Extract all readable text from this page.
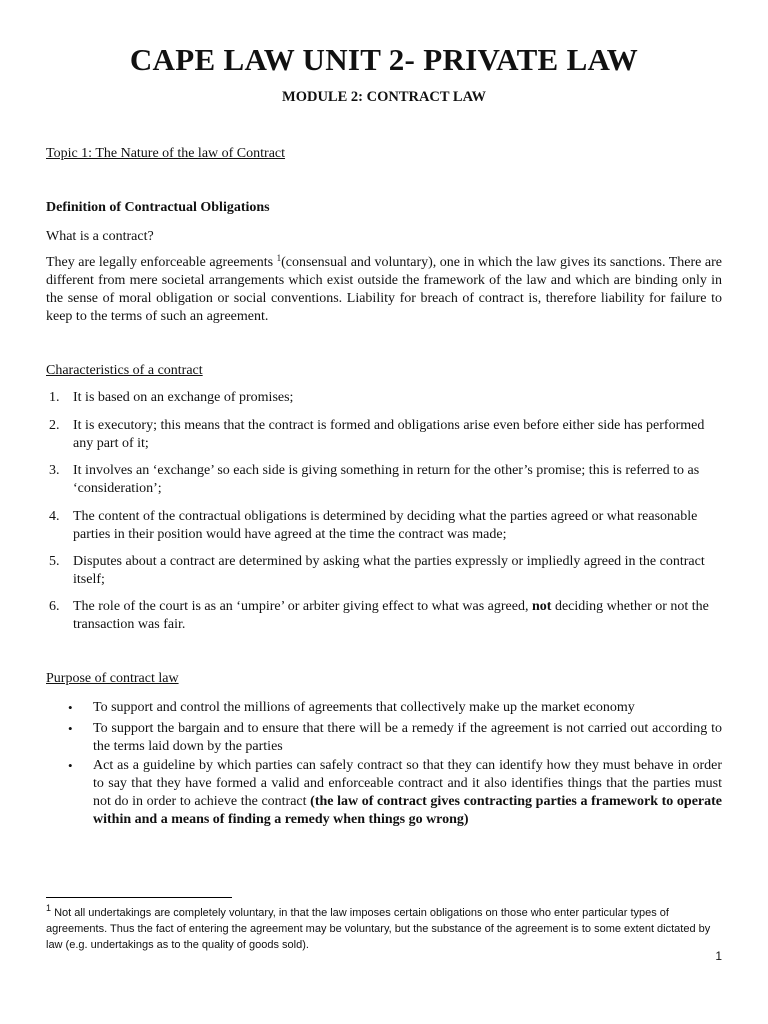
CAPE LAW UNIT 2- PRIVATE LAW
MODULE 2: CONTRACT LAW
Topic 1: The Nature of the law of Contract
Definition of Contractual Obligations
What is a contract?
They are legally enforceable agreements $^1$(consensual and voluntary), one in which the law gives its sanctions. There are different from mere societal arrangements which exist outside the framework of the law and which are binding only in the sense of moral obligation or social conventions. Liability for breach of contract is, therefore liability for failure to keep to the terms of such an agreement.
Characteristics of a contract
1. It is based on an exchange of promises;
2. It is executory; this means that the contract is formed and obligations arise even before either side has performed any part of it;
3. It involves an ‘exchange’ so each side is giving something in return for the other’s promise; this is referred to as ‘consideration’;
4. The content of the contractual obligations is determined by deciding what the parties agreed or what reasonable parties in their position would have agreed at the time the contract was made;
5. Disputes about a contract are determined by asking what the parties expressly or impliedly agreed in the contract itself;
6. The role of the court is as an ‘umpire’ or arbiter giving effect to what was agreed, not deciding whether or not the transaction was fair.
Purpose of contract law
• To support and control the millions of agreements that collectively make up the market economy
• To support the bargain and to ensure that there will be a remedy if the agreement is not carried out according to the terms laid down by the parties
• Act as a guideline by which parties can safely contract so that they can identify how they must behave in order to say that they have formed a valid and enforceable contract and it also identifies things that the parties must not do in order to achieve the contract (the law of contract gives contracting parties a framework to operate within and a means of finding a remedy when things go wrong)
$^1$ Not all undertakings are completely voluntary, in that the law imposes certain obligations on those who enter particular types of agreements. Thus the fact of entering the agreement may be voluntary, but the substance of the agreement is to some extent dictated by law (e.g. undertakings as to the quality of goods sold).
1
